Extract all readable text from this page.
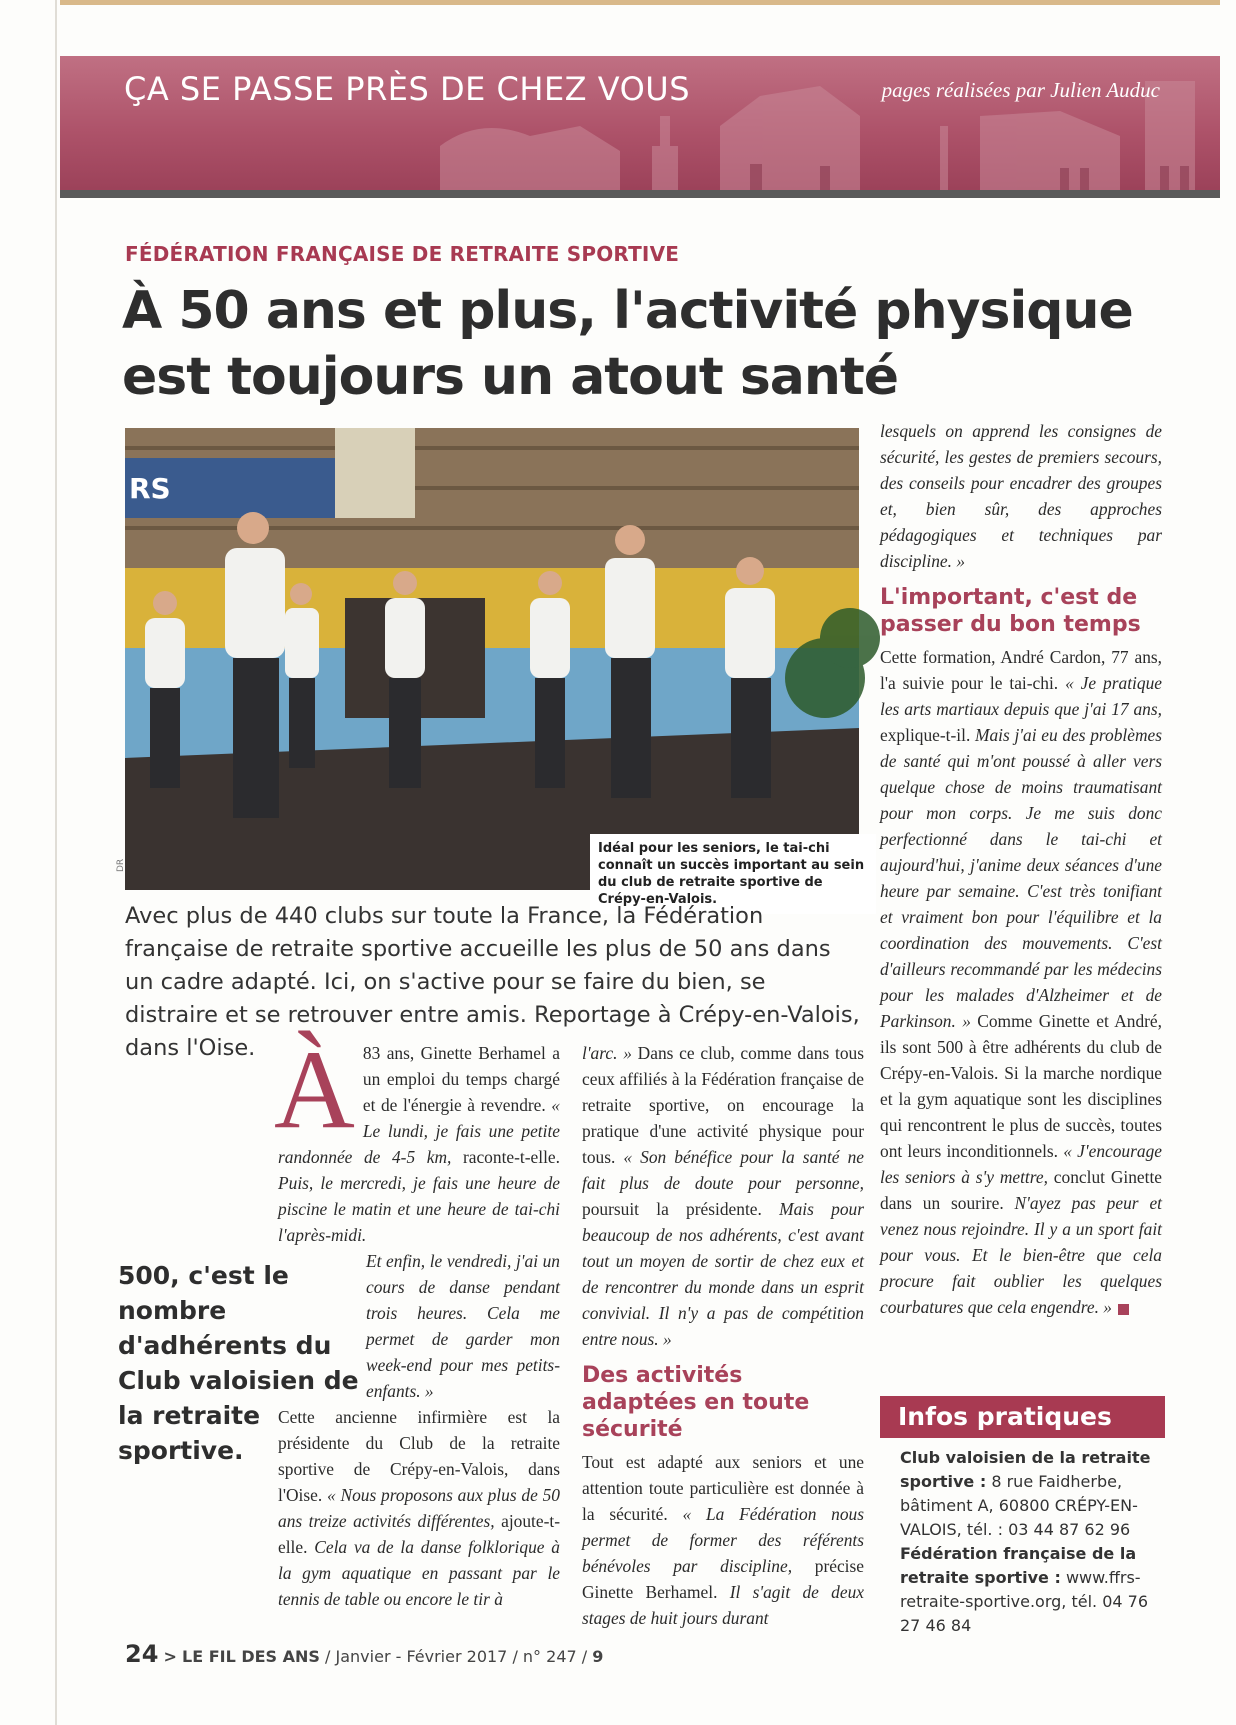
ÇA SE PASSE PRÈS DE CHEZ VOUS	pages réalisées par Julien Auduc
FÉDÉRATION FRANÇAISE DE RETRAITE SPORTIVE
À 50 ans et plus, l'activité physique
est toujours un atout santé
RS
Idéal pour les seniors, le tai-chi connaît un succès important au sein du club de retraite sportive de Crépy-en-Valois.
DR
Avec plus de 440 clubs sur toute la France, la Fédération française de retraite sportive accueille les plus de 50 ans dans un cadre adapté. Ici, on s'active pour se faire du bien, se distraire et se retrouver entre amis. Reportage à Crépy-en-Valois, dans l'Oise. À 83 ans, Ginette Berhamel a un emploi du temps chargé et de l'énergie à revendre. « Le lundi, je fais une petite randonnée de 4-5 km, raconte-t-elle. Puis, le mercredi, je fais une heure de piscine le matin et une heure de tai-chi l'après-midi.

Et enfin, le vendredi, j'ai un cours de danse pendant trois heures. Cela me permet de garder mon week-end pour mes petits-enfants. »

Cette ancienne infirmière est la présidente du Club de la retraite sportive de Crépy-en-Valois, dans l'Oise. « Nous proposons aux plus de 50 ans treize activités différentes, ajoute-t-elle. Cela va de la danse folklorique à la gym aquatique en passant par le tennis de table ou encore le tir à

500, c'est le nombre d'adhérents du Club valoisien de la retraite sportive.

l'arc. » Dans ce club, comme dans tous ceux affiliés à la Fédération française de retraite sportive, on encourage la pratique d'une activité physique pour tous. « Son bénéfice pour la santé ne fait plus de doute pour personne, poursuit la présidente. Mais pour beaucoup de nos adhérents, c'est avant tout un moyen de sortir de chez eux et de rencontrer du monde dans un esprit convivial. Il n'y a pas de compétition entre nous. »

Des activités adaptées en toute sécurité

Tout est adapté aux seniors et une attention toute particulière est donnée à la sécurité. « La Fédération nous permet de former des référents bénévoles par discipline, précise Ginette Berhamel. Il s'agit de deux stages de huit jours durant

lesquels on apprend les consignes de sécurité, les gestes de premiers secours, des conseils pour encadrer des groupes et, bien sûr, des approches pédagogiques et techniques par discipline. »

L'important, c'est de passer du bon temps

Cette formation, André Cardon, 77 ans, l'a suivie pour le tai-chi. « Je pratique les arts martiaux depuis que j'ai 17 ans, explique-t-il. Mais j'ai eu des problèmes de santé qui m'ont poussé à aller vers quelque chose de moins traumatisant pour mon corps. Je me suis donc perfectionné dans le tai-chi et aujourd'hui, j'anime deux séances d'une heure par semaine. C'est très tonifiant et vraiment bon pour l'équilibre et la coordination des mouvements. C'est d'ailleurs recommandé par les médecins pour les malades d'Alzheimer et de Parkinson. » Comme Ginette et André, ils sont 500 à être adhérents du club de Crépy-en-Valois. Si la marche nordique et la gym aquatique sont les disciplines qui rencontrent le plus de succès, toutes ont leurs inconditionnels. « J'encourage les seniors à s'y mettre, conclut Ginette dans un sourire. N'ayez pas peur et venez nous rejoindre. Il y a un sport fait pour vous. Et le bien-être que cela procure fait oublier les quelques courbatures que cela engendre. »

Infos pratiques
Club valoisien de la retraite sportive : 8 rue Faidherbe, bâtiment A, 60800 CRÉPY-EN-VALOIS, tél. : 03 44 87 62 96
Fédération française de la retraite sportive : www.ffrs-retraite-sportive.org, tél. 04 76 27 46 84
24 > LE FIL DES ANS / Janvier - Février 2017 / n° 247 / 9
